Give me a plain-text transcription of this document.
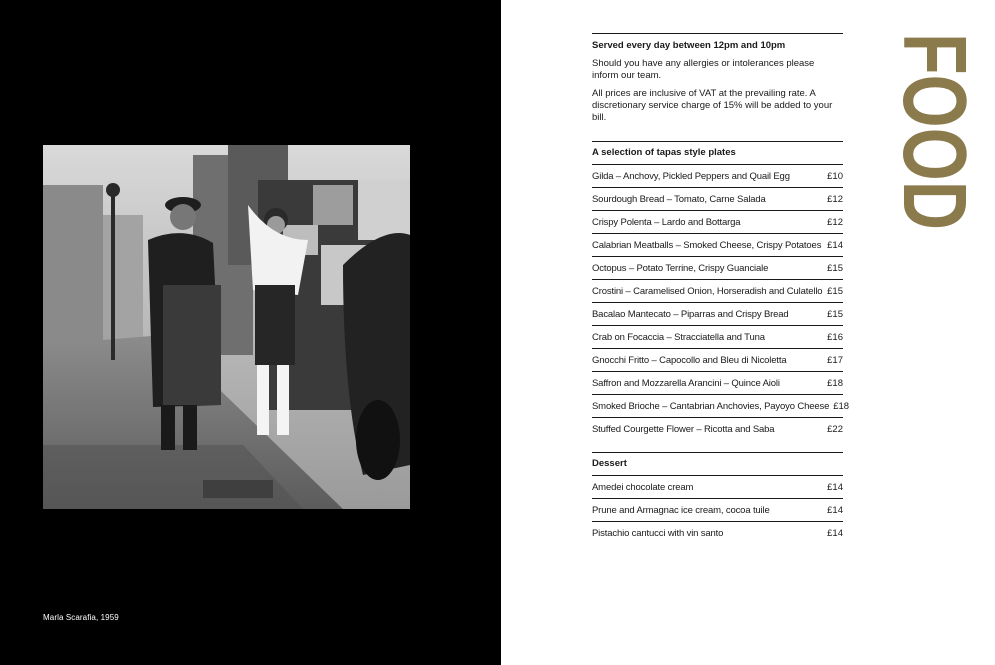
Marla Scarafia, 1959
Served every day between 12pm and 10pm
Should you have any allergies or intolerances please inform our team.
All prices are inclusive of VAT at the prevailing rate. A discretionary service charge of 15% will be added to your bill.
A selection of tapas style plates
Gilda – Anchovy, Pickled Peppers and Quail Egg	£10
Sourdough Bread – Tomato, Carne Salada	£12
Crispy Polenta – Lardo and Bottarga	£12
Calabrian Meatballs – Smoked Cheese, Crispy Potatoes £14
Octopus – Potato Terrine, Crispy Guanciale	£15
Crostini – Caramelised Onion, Horseradish and Culatello £15
Bacalao Mantecato – Piparras and Crispy Bread	£15
Crab on Focaccia – Stracciatella and Tuna	£16
Gnocchi Fritto – Capocollo and Bleu di Nicoletta	£17
Saffron and Mozzarella Arancini – Quince Aioli	£18
Smoked Brioche – Cantabrian Anchovies, Payoyo Cheese £18
Stuffed Courgette Flower – Ricotta and Saba	£22
Dessert
Amedei chocolate cream	£14
Prune and Armagnac ice cream, cocoa tuile	£14
Pistachio cantucci with vin santo	£14
FOOD
